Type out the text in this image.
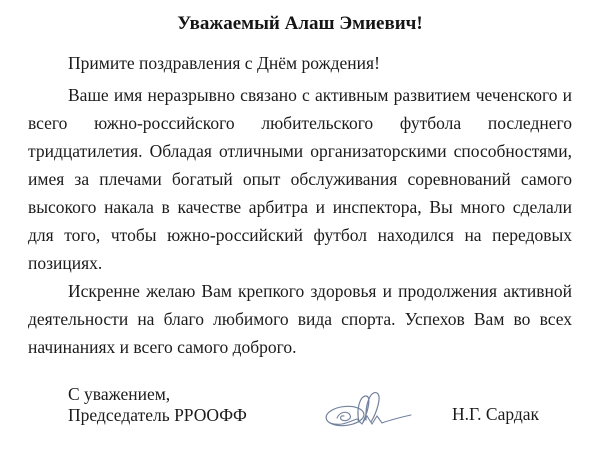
Уважаемый Алаш Эмиевич!

Примите поздравления с Днём рождения!

Ваше имя неразрывно связано с активным развитием чеченского и всего южно-российского любительского футбола последнего тридцатилетия. Обладая отличными организаторскими способностями, имея за плечами богатый опыт обслуживания соревнований самого высокого накала в качестве арбитра и инспектора, Вы много сделали для того, чтобы южно-российский футбол находился на передовых позициях.

Искренне желаю Вам крепкого здоровья и продолжения активной деятельности на благо любимого вида спорта. Успехов Вам во всех начинаниях и всего самого доброго.

С уважением,
Председатель РРООФФ	Н.Г. Сардак
